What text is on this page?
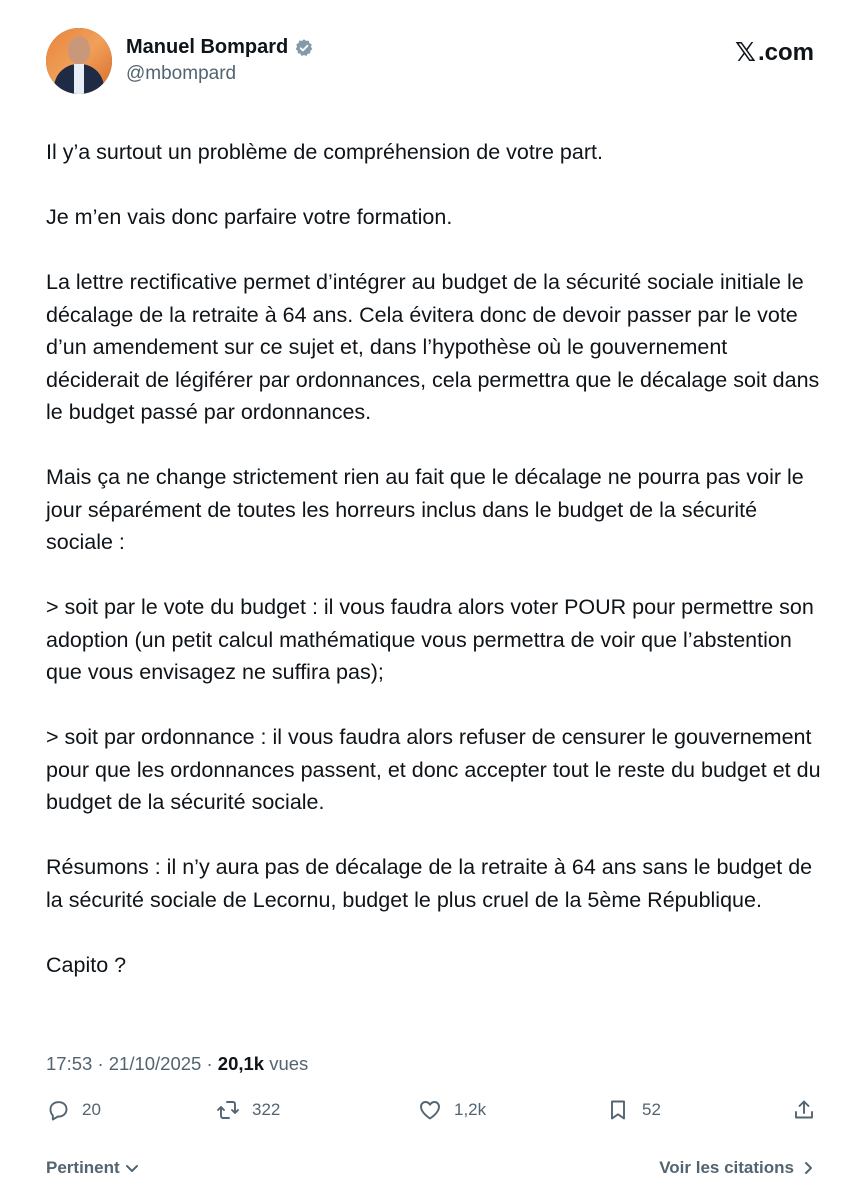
Manuel Bompard
@mbompard
𝕏 .com

Il y’a surtout un problème de compréhension de votre part.

Je m’en vais donc parfaire votre formation.

La lettre rectificative permet d’intégrer au budget de la sécurité sociale initiale le décalage de la retraite à 64 ans. Cela évitera donc de devoir passer par le vote d’un amendement sur ce sujet et, dans l’hypothèse où le gouvernement déciderait de légiférer par ordonnances, cela permettra que le décalage soit dans le budget passé par ordonnances.

Mais ça ne change strictement rien au fait que le décalage ne pourra pas voir le jour séparément de toutes les horreurs inclus dans le budget de la sécurité sociale :

> soit par le vote du budget : il vous faudra alors voter POUR pour permettre son adoption (un petit calcul mathématique vous permettra de voir que l’abstention que vous envisagez ne suffira pas);

> soit par ordonnance : il vous faudra alors refuser de censurer le gouvernement pour que les ordonnances passent, et donc accepter tout le reste du budget et du budget de la sécurité sociale.

Résumons : il n’y aura pas de décalage de la retraite à 64 ans sans le budget de la sécurité sociale de Lecornu, budget le plus cruel de la 5ème République.

Capito ?

17:53 · 21/10/2025 · 20,1k vues
20	322	1,2k	52
Pertinent	Voir les citations
